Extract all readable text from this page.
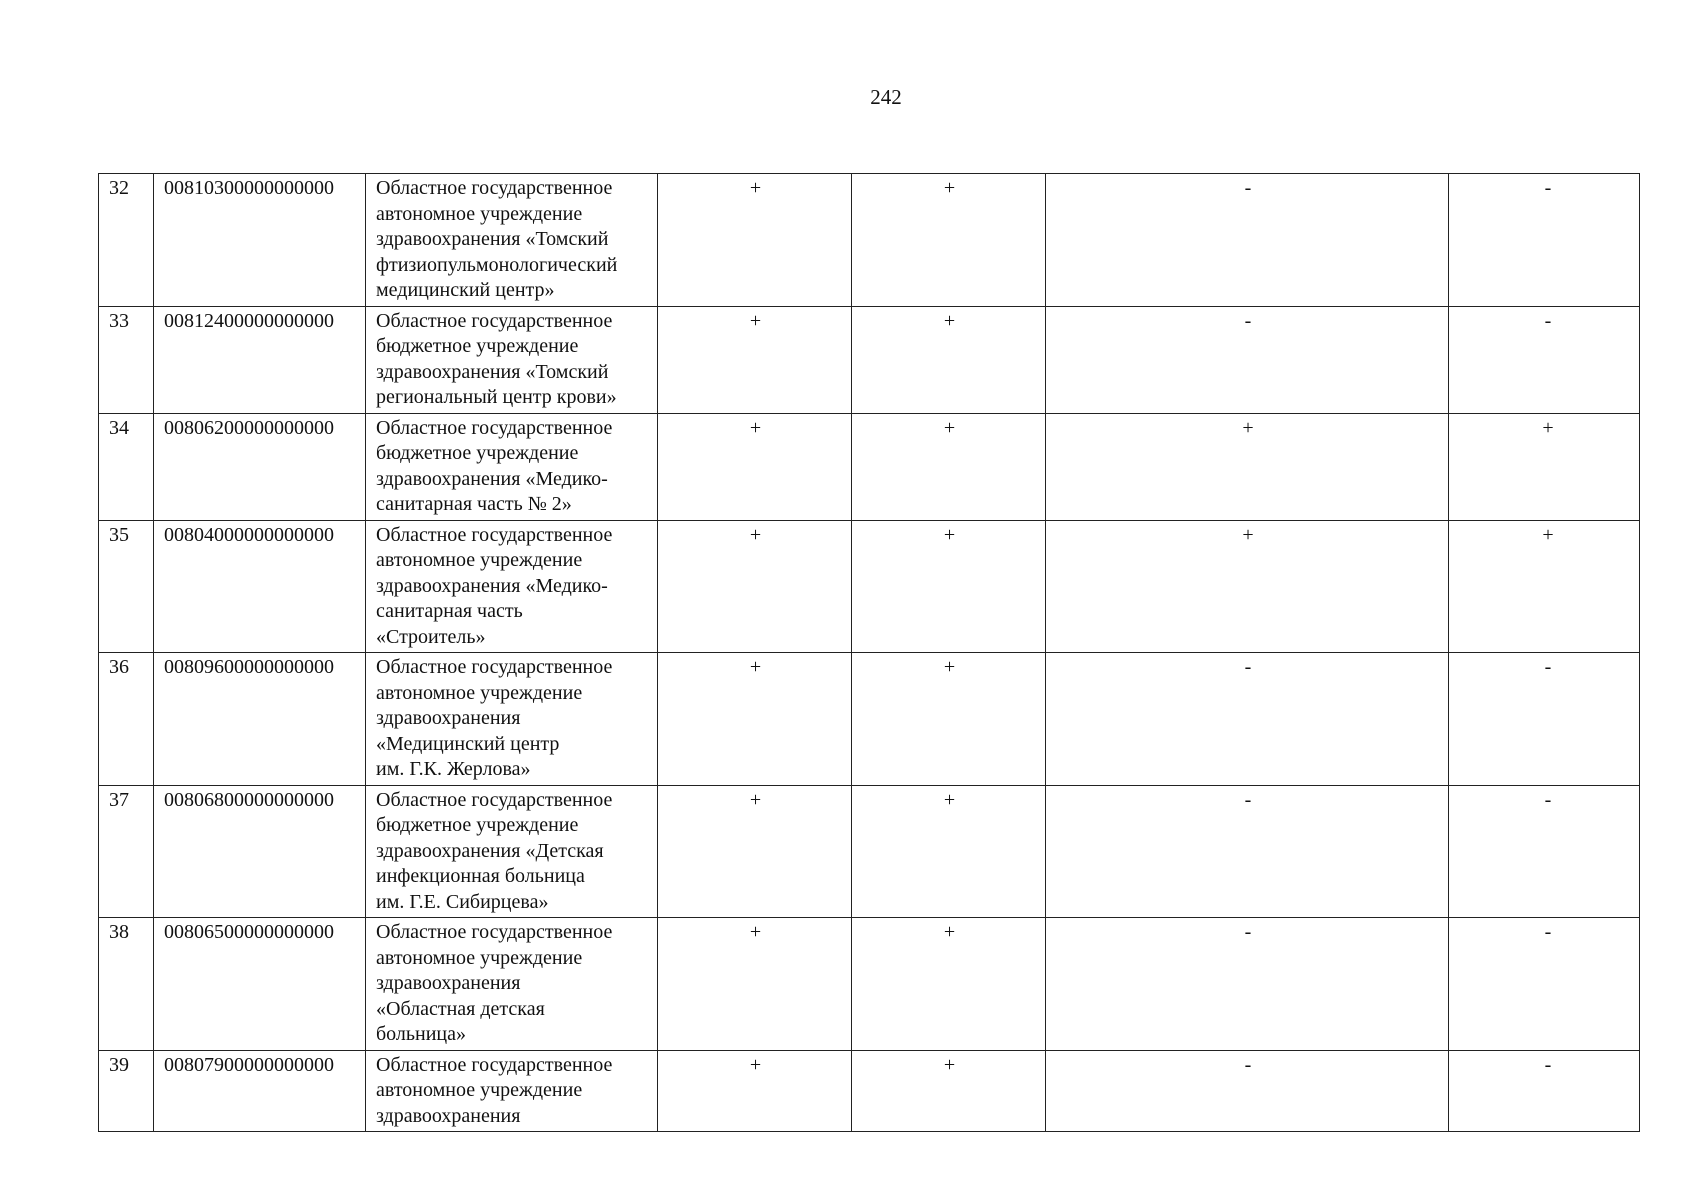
242
32	00810300000000000	Областное государственное
автономное учреждение
здравоохранения «Томский
фтизиопульмонологический
медицинский центр»	+	+	-	-
33	00812400000000000	Областное государственное
бюджетное учреждение
здравоохранения «Томский
региональный центр крови»	+	+	-	-
34	00806200000000000	Областное государственное
бюджетное учреждение
здравоохранения «Медико-
санитарная часть № 2»	+	+	+	+
35	00804000000000000	Областное государственное
автономное учреждение
здравоохранения «Медико-
санитарная часть
«Строитель»	+	+	+	+
36	00809600000000000	Областное государственное
автономное учреждение
здравоохранения
«Медицинский центр
им. Г.К. Жерлова»	+	+	-	-
37	00806800000000000	Областное государственное
бюджетное учреждение
здравоохранения «Детская
инфекционная больница
им. Г.Е. Сибирцева»	+	+	-	-
38	00806500000000000	Областное государственное
автономное учреждение
здравоохранения
«Областная детская
больница»	+	+	-	-
39	00807900000000000	Областное государственное
автономное учреждение
здравоохранения	+	+	-	-
